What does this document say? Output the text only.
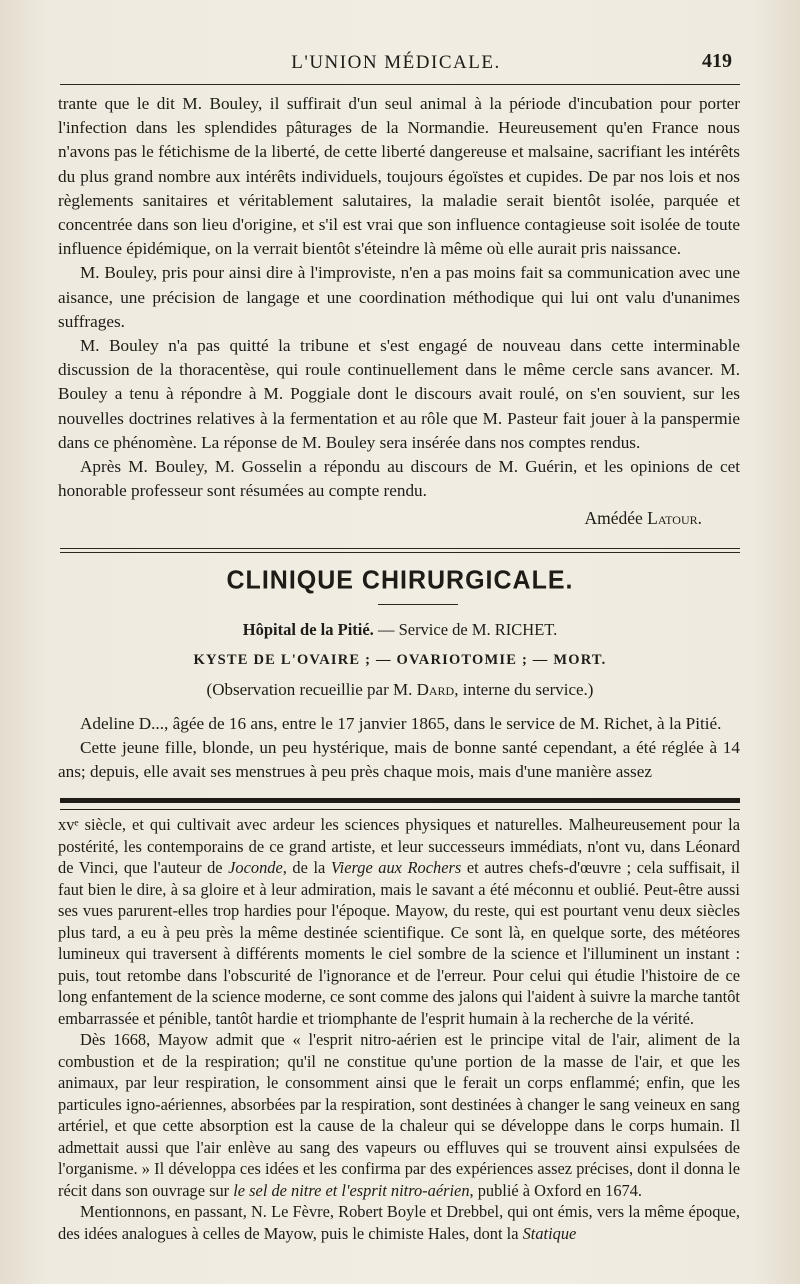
L'UNION MÉDICALE.	419

trante que le dit M. Bouley, il suffirait d'un seul animal à la période d'incubation pour porter l'infection dans les splendides pâturages de la Normandie. Heureusement qu'en France nous n'avons pas le fétichisme de la liberté, de cette liberté dangereuse et malsaine, sacrifiant les intérêts du plus grand nombre aux intérêts individuels, toujours égoïstes et cupides. De par nos lois et nos règlements sanitaires et véritablement salutaires, la maladie serait bientôt isolée, parquée et concentrée dans son lieu d'origine, et s'il est vrai que son influence contagieuse soit isolée de toute influence épidémique, on la verrait bientôt s'éteindre là même où elle aurait pris naissance.

M. Bouley, pris pour ainsi dire à l'improviste, n'en a pas moins fait sa communication avec une aisance, une précision de langage et une coordination méthodique qui lui ont valu d'unanimes suffrages.

M. Bouley n'a pas quitté la tribune et s'est engagé de nouveau dans cette interminable discussion de la thoracentèse, qui roule continuellement dans le même cercle sans avancer. M. Bouley a tenu à répondre à M. Poggiale dont le discours avait roulé, on s'en souvient, sur les nouvelles doctrines relatives à la fermentation et au rôle que M. Pasteur fait jouer à la panspermie dans ce phénomène. La réponse de M. Bouley sera insérée dans nos comptes rendus.

Après M. Bouley, M. Gosselin a répondu au discours de M. Guérin, et les opinions de cet honorable professeur sont résumées au compte rendu.

Amédée Latour.
CLINIQUE CHIRURGICALE.
Hôpital de la Pitié. — Service de M. RICHET.
KYSTE DE L'OVAIRE ; — OVARIOTOMIE ; — MORT.
(Observation recueillie par M. Dard, interne du service.)

Adeline D..., âgée de 16 ans, entre le 17 janvier 1865, dans le service de M. Richet, à la Pitié.

Cette jeune fille, blonde, un peu hystérique, mais de bonne santé cependant, a été réglée à 14 ans; depuis, elle avait ses menstrues à peu près chaque mois, mais d'une manière assez

xvᵉ siècle, et qui cultivait avec ardeur les sciences physiques et naturelles. Malheureusement pour la postérité, les contemporains de ce grand artiste, et leur successeurs immédiats, n'ont vu, dans Léonard de Vinci, que l'auteur de Joconde, de la Vierge aux Rochers et autres chefs-d'œuvre ; cela suffisait, il faut bien le dire, à sa gloire et à leur admiration, mais le savant a été méconnu et oublié. Peut-être aussi ses vues parurent-elles trop hardies pour l'époque. Mayow, du reste, qui est pourtant venu deux siècles plus tard, a eu à peu près la même destinée scientifique. Ce sont là, en quelque sorte, des météores lumineux qui traversent à différents moments le ciel sombre de la science et l'illuminent un instant : puis, tout retombe dans l'obscurité de l'ignorance et de l'erreur. Pour celui qui étudie l'histoire de ce long enfantement de la science moderne, ce sont comme des jalons qui l'aident à suivre la marche tantôt embarrassée et pénible, tantôt hardie et triomphante de l'esprit humain à la recherche de la vérité.

Dès 1668, Mayow admit que « l'esprit nitro-aérien est le principe vital de l'air, aliment de la combustion et de la respiration; qu'il ne constitue qu'une portion de la masse de l'air, et que les animaux, par leur respiration, le consomment ainsi que le ferait un corps enflammé; enfin, que les particules igno-aériennes, absorbées par la respiration, sont destinées à changer le sang veineux en sang artériel, et que cette absorption est la cause de la chaleur qui se développe dans le corps humain. Il admettait aussi que l'air enlève au sang des vapeurs ou effluves qui se trouvent ainsi expulsées de l'organisme. » Il développa ces idées et les confirma par des expériences assez précises, dont il donna le récit dans son ouvrage sur le sel de nitre et l'esprit nitro-aérien, publié à Oxford en 1674.

Mentionnons, en passant, N. Le Fèvre, Robert Boyle et Drebbel, qui ont émis, vers la même époque, des idées analogues à celles de Mayow, puis le chimiste Hales, dont la Statique
